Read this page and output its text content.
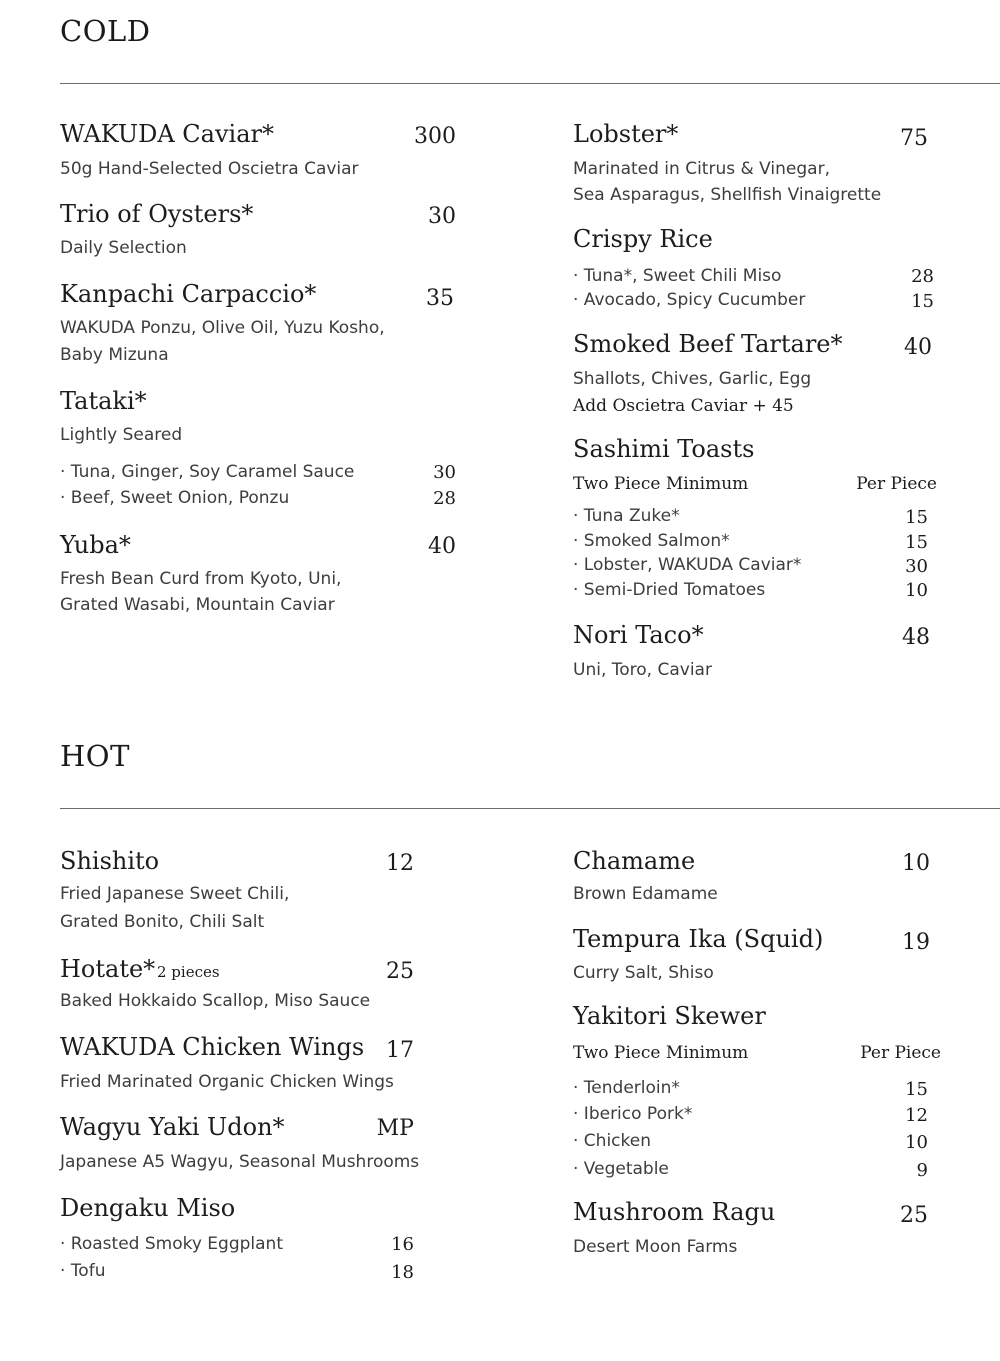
COLD
WAKUDA Caviar*	300
50g Hand-Selected Oscietra Caviar
Trio of Oysters*	30
Daily Selection
Kanpachi Carpaccio*	35
WAKUDA Ponzu, Olive Oil, Yuzu Kosho,
Baby Mizuna
Tataki*
Lightly Seared
· Tuna, Ginger, Soy Caramel Sauce	30
· Beef, Sweet Onion, Ponzu	28
Yuba*	40
Fresh Bean Curd from Kyoto, Uni,
Grated Wasabi, Mountain Caviar
Lobster*	75
Marinated in Citrus & Vinegar,
Sea Asparagus, Shellfish Vinaigrette
Crispy Rice
· Tuna*, Sweet Chili Miso	28
· Avocado, Spicy Cucumber	15
Smoked Beef Tartare*	40
Shallots, Chives, Garlic, Egg
Add Oscietra Caviar + 45
Sashimi Toasts
Two Piece Minimum	Per Piece
· Tuna Zuke*	15
· Smoked Salmon*	15
· Lobster, WAKUDA Caviar*	30
· Semi-Dried Tomatoes	10
Nori Taco*	48
Uni, Toro, Caviar
HOT
Shishito	12
Fried Japanese Sweet Chili,
Grated Bonito, Chili Salt
Hotate* 2 pieces	25
Baked Hokkaido Scallop, Miso Sauce
WAKUDA Chicken Wings 17
Fried Marinated Organic Chicken Wings
Wagyu Yaki Udon*	MP
Japanese A5 Wagyu, Seasonal Mushrooms
Dengaku Miso
· Roasted Smoky Eggplant	16
· Tofu	18
Chamame	10
Brown Edamame
Tempura Ika (Squid)	19
Curry Salt, Shiso
Yakitori Skewer
Two Piece Minimum	Per Piece
· Tenderloin*	15
· Iberico Pork*	12
· Chicken	10
· Vegetable	9
Mushroom Ragu	25
Desert Moon Farms
